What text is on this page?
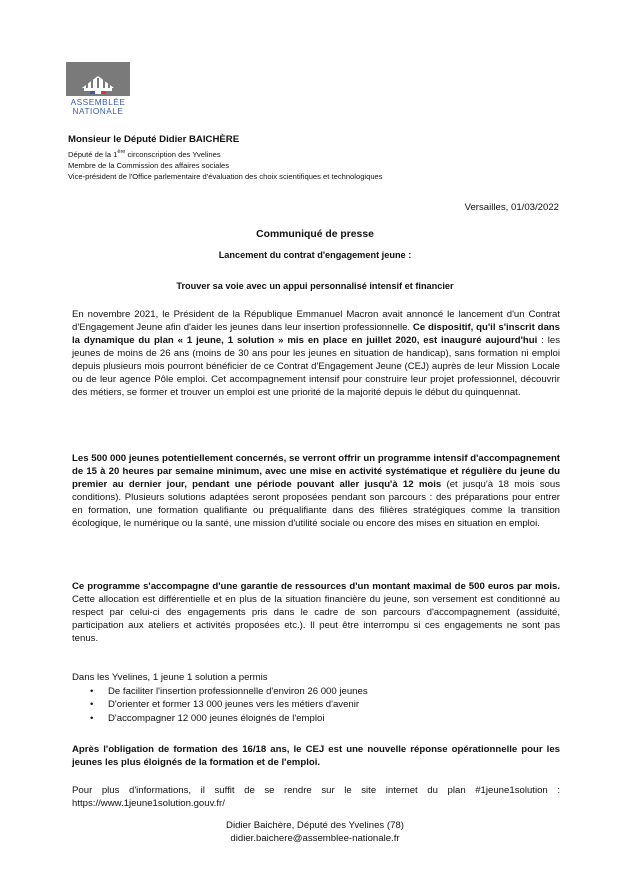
ASSEMBLÉE
NATIONALE

Monsieur le Député Didier BAICHÈRE

Député de la 1ère circonscription des Yvelines

Membre de la Commission des affaires sociales

Vice-président de l'Office parlementaire d'évaluation des choix scientifiques et technologiques

Versailles, 01/03/2022
Communiqué de presse
Lancement du contrat d'engagement jeune :
Trouver sa voie avec un appui personnalisé intensif et financier

En novembre 2021, le Président de la République Emmanuel Macron avait annoncé le lancement d'un Contrat d'Engagement Jeune afin d'aider les jeunes dans leur insertion professionnelle. Ce dispositif, qu'il s'inscrit dans la dynamique du plan « 1 jeune, 1 solution » mis en place en juillet 2020, est inauguré aujourd'hui : les jeunes de moins de 26 ans (moins de 30 ans pour les jeunes en situation de handicap), sans formation ni emploi depuis plusieurs mois pourront bénéficier de ce Contrat d'Engagement Jeune (CEJ) auprès de leur Mission Locale ou de leur agence Pôle emploi. Cet accompagnement intensif pour construire leur projet professionnel, découvrir des métiers, se former et trouver un emploi est une priorité de la majorité depuis le début du quinquennat.

Les 500 000 jeunes potentiellement concernés, se verront offrir un programme intensif d'accompagnement de 15 à 20 heures par semaine minimum, avec une mise en activité systématique et régulière du jeune du premier au dernier jour, pendant une période pouvant aller jusqu'à 12 mois (et jusqu'à 18 mois sous conditions). Plusieurs solutions adaptées seront proposées pendant son parcours : des préparations pour entrer en formation, une formation qualifiante ou préqualifiante dans des filières stratégiques comme la transition écologique, le numérique ou la santé, une mission d'utilité sociale ou encore des mises en situation en emploi.

Ce programme s'accompagne d'une garantie de ressources d'un montant maximal de 500 euros par mois. Cette allocation est différentielle et en plus de la situation financière du jeune, son versement est conditionné au respect par celui-ci des engagements pris dans le cadre de son parcours d'accompagnement (assiduité, participation aux ateliers et activités proposées etc.). Il peut être interrompu si ces engagements ne sont pas tenus.

Dans les Yvelines, 1 jeune 1 solution a permis
• De faciliter l'insertion professionnelle d'environ 26 000 jeunes
• D'orienter et former 13 000 jeunes vers les métiers d'avenir
• D'accompagner 12 000 jeunes éloignés de l'emploi

Après l'obligation de formation des 16/18 ans, le CEJ est une nouvelle réponse opérationnelle pour les jeunes les plus éloignés de la formation et de l'emploi.

Pour plus d'informations, il suffit de se rendre sur le site internet du plan #1jeune1solution : https://www.1jeune1solution.gouv.fr/

Didier Baichère, Député des Yvelines (78)
didier.baichere@assemblee-nationale.fr
